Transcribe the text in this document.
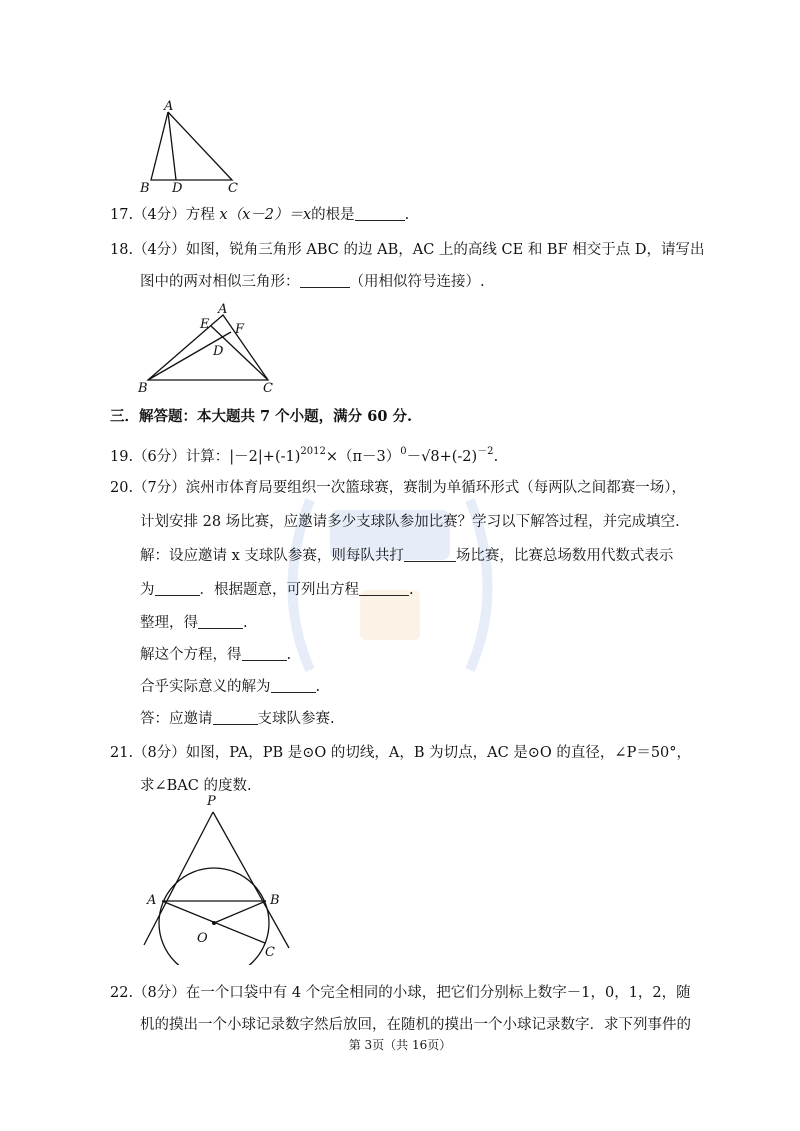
A
B D	C
17.（4分）方程 x（x－2）＝x的根是	.
18.（4分）如图，锐角三角形 ABC 的边 AB，AC 上的高线 CE 和 BF 相交于点 D，请写出
图中的两对相似三角形：	（用相似符号连接）.
A
E F
D
B	C
三．解答题：本大题共 7 个小题，满分 60 分.
19.（6分）计算：$|-2|+(-1)^{2012}\times(\pi-3)^0-√8+(-2)^{-2}$.
20.（7分）滨州市体育局要组织一次篮球赛，赛制为单循环形式（每两队之间都赛一场），
计划安排 28 场比赛，应邀请多少支球队参加比赛？学习以下解答过程，并完成填空.
解：设应邀请 x 支球队参赛，则每队共打	场比赛，比赛总场数用代数式表示
为	．根据题意，可列出方程	.
整理，得	.
解这个方程，得	.
合乎实际意义的解为	.
答：应邀请	支球队参赛.
21.（8分）如图，PA，PB 是⊙O 的切线，A，B 为切点，AC 是⊙O 的直径，∠P＝50°，
求∠BAC 的度数.
P
A	B
O
C
22.（8分）在一个口袋中有 4 个完全相同的小球，把它们分别标上数字－1，0，1，2，随
机的摸出一个小球记录数字然后放回，在随机的摸出一个小球记录数字．求下列事件的
第 3页（共 16页）
